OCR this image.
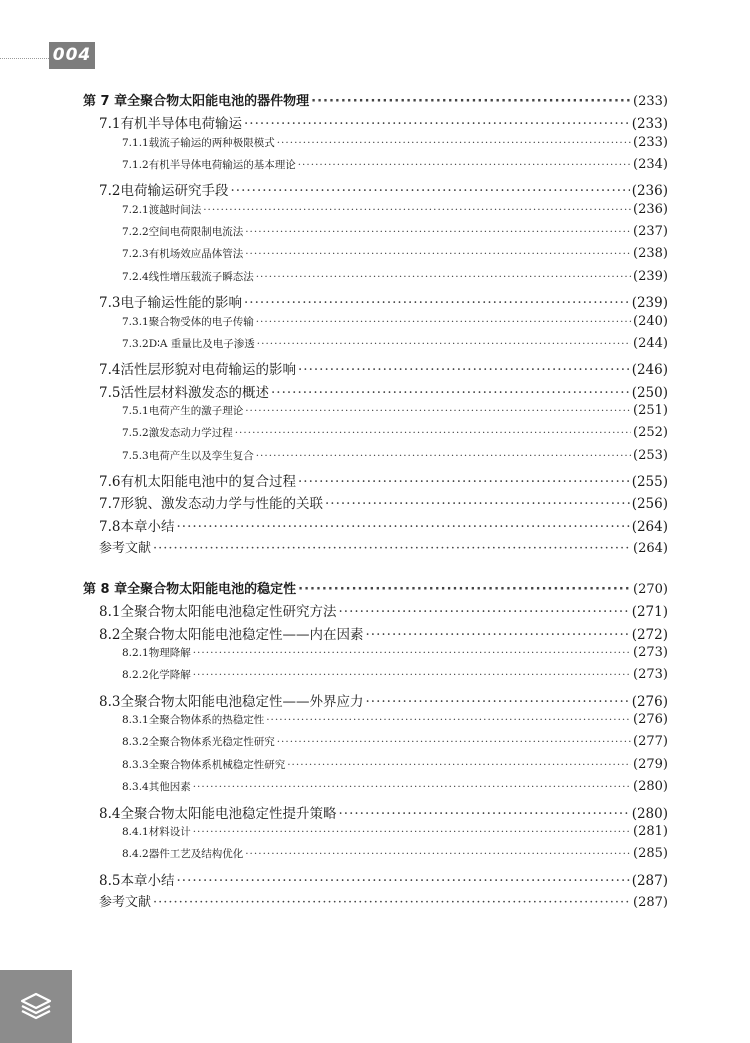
004
第 7 章 全聚合物太阳能电池的器件物理 ·····	(233)
7.1 有机半导体电荷输运 ·····	(233)
7.1.1 载流子输运的两种极限模式 ·····	(233)
7.1.2 有机半导体电荷输运的基本理论 ·····	(234)
7.2 电荷输运研究手段 ·····	(236)
7.2.1 渡越时间法 ·····	(236)
7.2.2 空间电荷限制电流法 ·····	(237)
7.2.3 有机场效应晶体管法 ·····	(238)
7.2.4 线性增压载流子瞬态法 ·····	(239)
7.3 电子输运性能的影响 ·····	(239)
7.3.1 聚合物受体的电子传输 ·····	(240)
7.3.2 D∶A 重量比及电子渗透 ·····	(244)
7.4 活性层形貌对电荷输运的影响 ·····	(246)
7.5 活性层材料激发态的概述 ·····	(250)
7.5.1 电荷产生的激子理论 ·····	(251)
7.5.2 激发态动力学过程 ·····	(252)
7.5.3 电荷产生以及孪生复合 ·····	(253)
7.6 有机太阳能电池中的复合过程 ·····	(255)
7.7 形貌、激发态动力学与性能的关联 ·····	(256)
7.8 本章小结 ·····	(264)
参考文献 ·····	(264)
第 8 章 全聚合物太阳能电池的稳定性 ·····	(270)
8.1 全聚合物太阳能电池稳定性研究方法 ·····	(271)
8.2 全聚合物太阳能电池稳定性——内在因素 ·····	(272)
8.2.1 物理降解 ·····	(273)
8.2.2 化学降解 ·····	(273)
8.3 全聚合物太阳能电池稳定性——外界应力 ·····	(276)
8.3.1 全聚合物体系的热稳定性 ·····	(276)
8.3.2 全聚合物体系光稳定性研究 ·····	(277)
8.3.3 全聚合物体系机械稳定性研究 ·····	(279)
8.3.4 其他因素 ·····	(280)
8.4 全聚合物太阳能电池稳定性提升策略 ·····	(280)
8.4.1 材料设计 ·····	(281)
8.4.2 器件工艺及结构优化 ·····	(285)
8.5 本章小结 ·····	(287)
参考文献 ·····	(287)
